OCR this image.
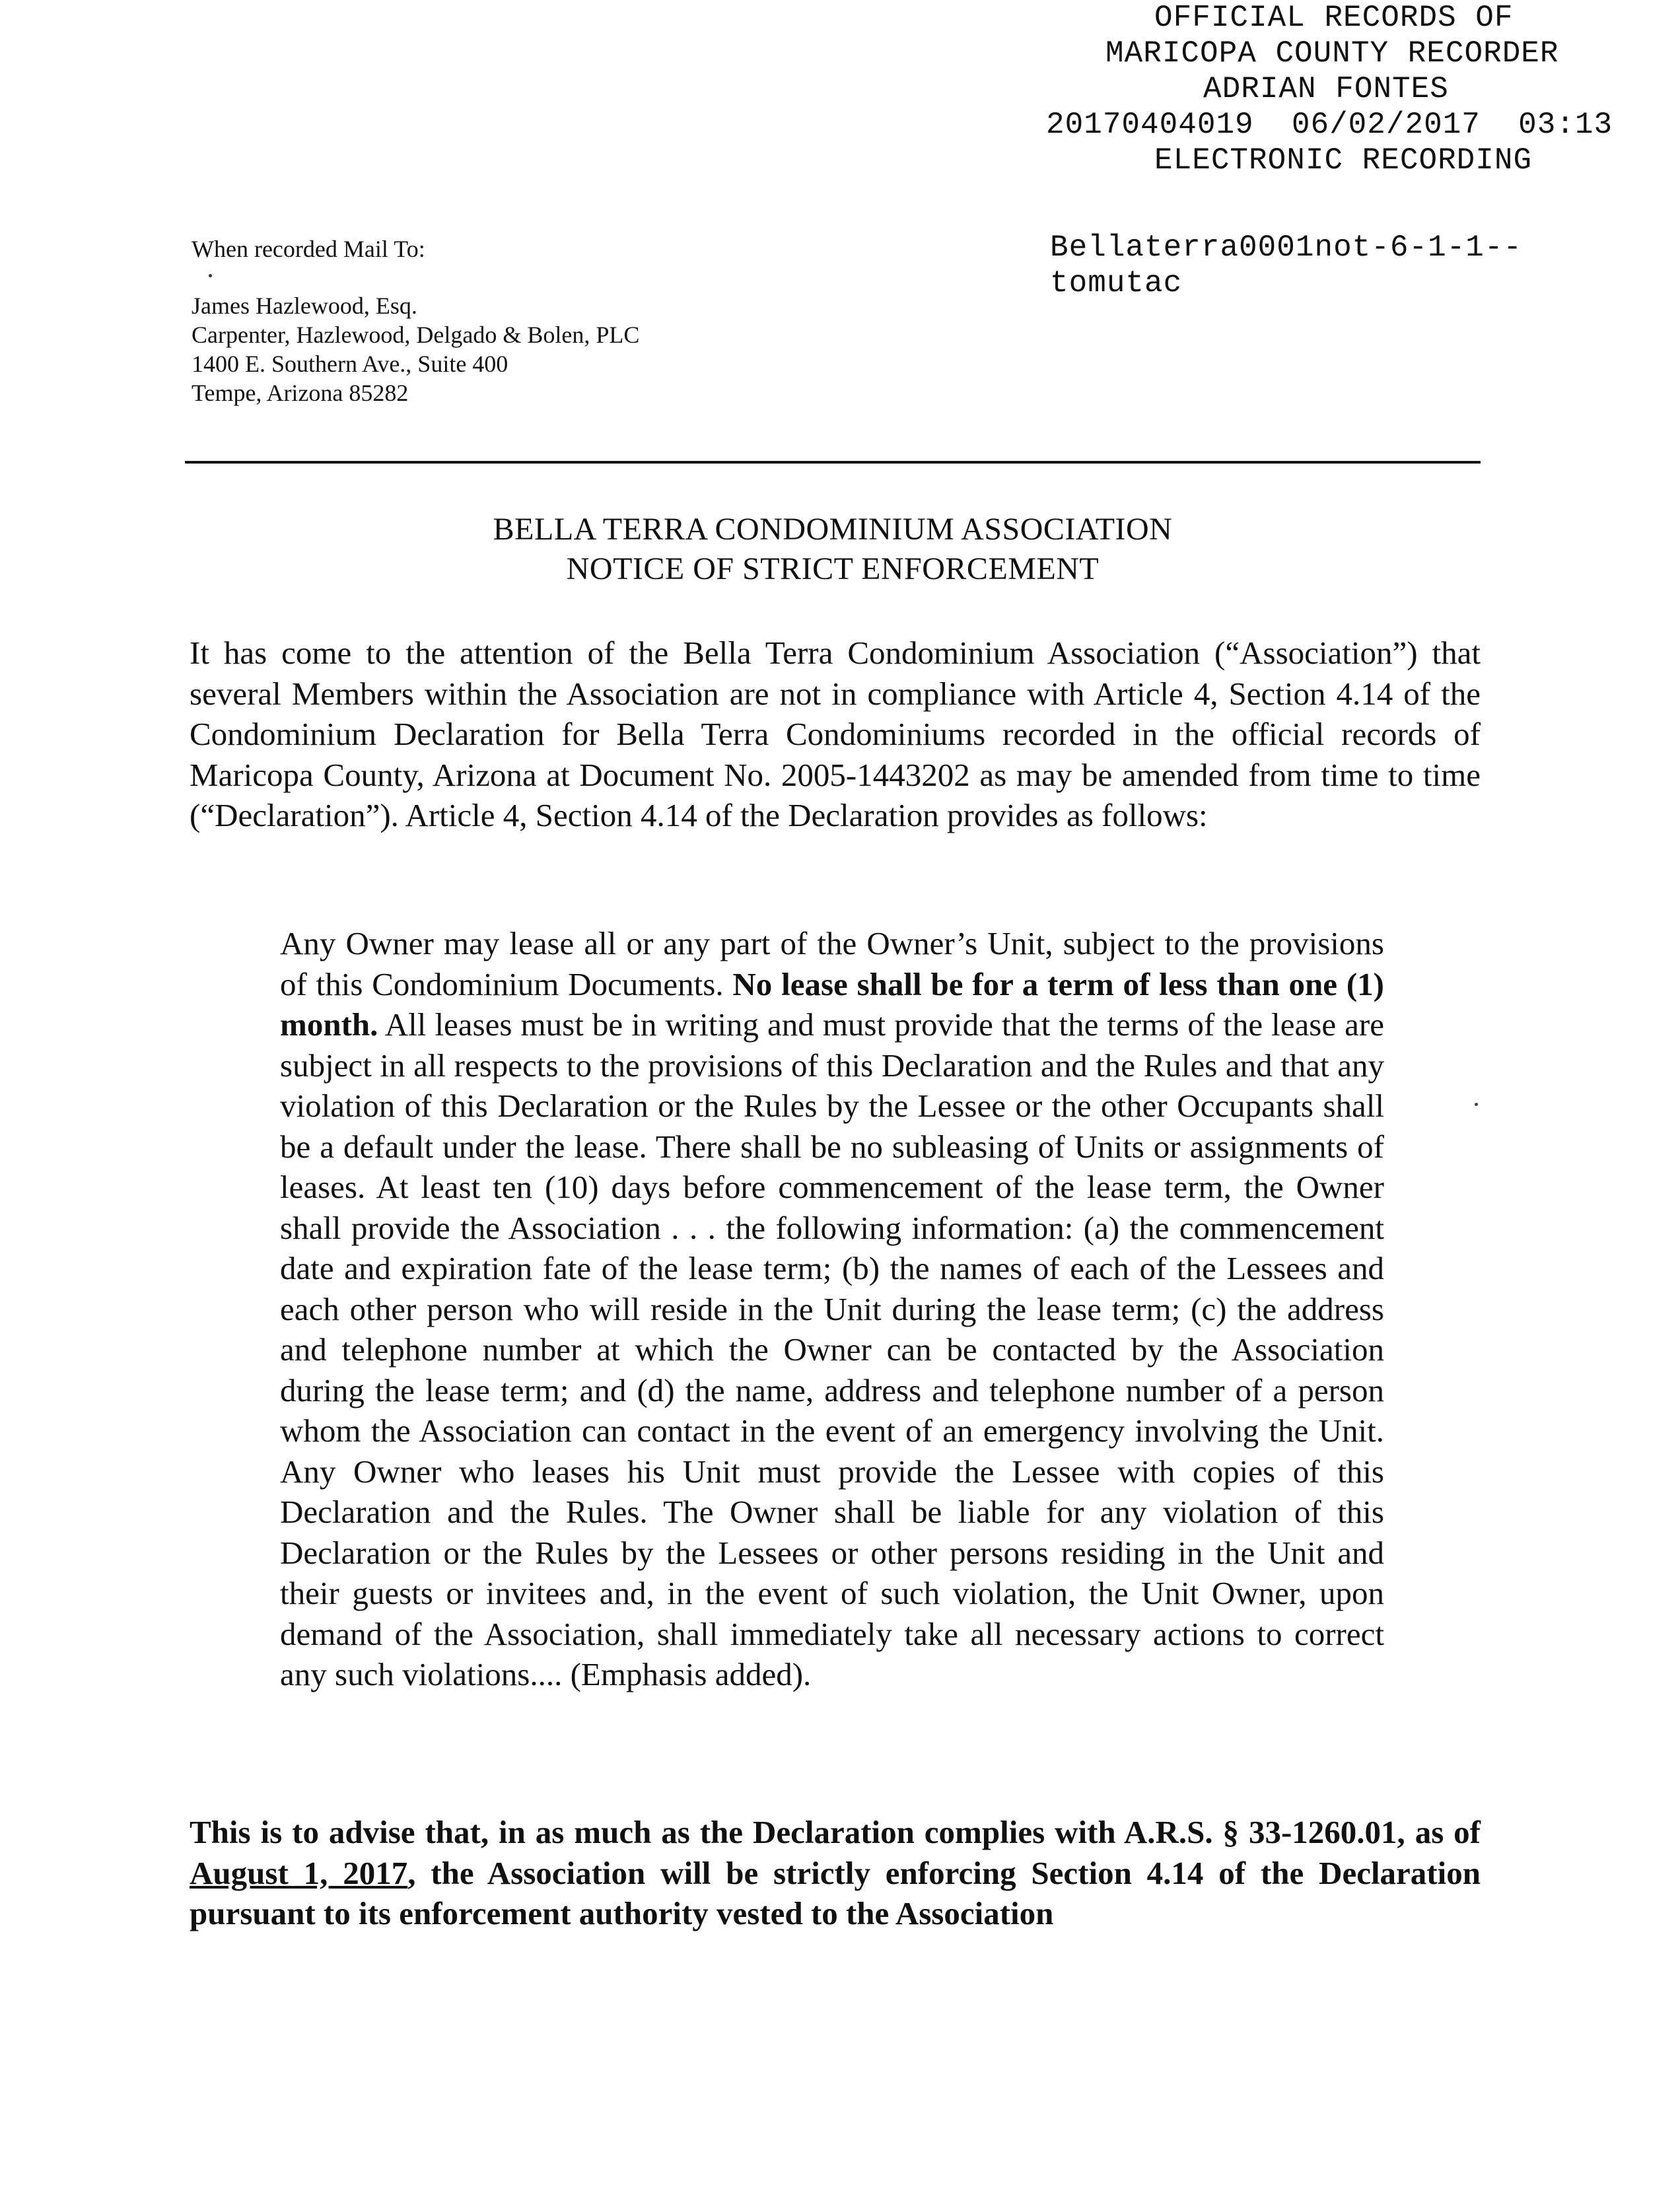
OFFICIAL RECORDS OF
MARICOPA COUNTY RECORDER
ADRIAN FONTES
20170404019  06/02/2017  03:13
ELECTRONIC RECORDING
Bellaterra0001not-6-1-1--
tomutac
When recorded Mail To:
James Hazlewood, Esq.
Carpenter, Hazlewood, Delgado & Bolen, PLC
1400 E. Southern Ave., Suite 400
Tempe, Arizona 85282
BELLA TERRA CONDOMINIUM ASSOCIATION
NOTICE OF STRICT ENFORCEMENT

It has come to the attention of the Bella Terra Condominium Association (“Association”) that several Members within the Association are not in compliance with Article 4, Section 4.14 of the Condominium Declaration for Bella Terra Condominiums recorded in the official records of Maricopa County, Arizona at Document No. 2005-1443202 as may be amended from time to time (“Declaration”). Article 4, Section 4.14 of the Declaration provides as follows:

Any Owner may lease all or any part of the Owner’s Unit, subject to the provisions of this Condominium Documents. No lease shall be for a term of less than one (1) month. All leases must be in writing and must provide that the terms of the lease are subject in all respects to the provisions of this Declaration and the Rules and that any violation of this Declaration or the Rules by the Lessee or the other Occupants shall be a default under the lease. There shall be no subleasing of Units or assignments of leases. At least ten (10) days before commencement of the lease term, the Owner shall provide the Association . . . the following information: (a) the commencement date and expiration fate of the lease term; (b) the names of each of the Lessees and each other person who will reside in the Unit during the lease term; (c) the address and telephone number at which the Owner can be contacted by the Association during the lease term; and (d) the name, address and telephone number of a person whom the Association can contact in the event of an emergency involving the Unit. Any Owner who leases his Unit must provide the Lessee with copies of this Declaration and the Rules. The Owner shall be liable for any violation of this Declaration or the Rules by the Lessees or other persons residing in the Unit and their guests or invitees and, in the event of such violation, the Unit Owner, upon demand of the Association, shall immediately take all necessary actions to correct any such violations.... (Emphasis added).

This is to advise that, in as much as the Declaration complies with A.R.S. § 33-1260.01, as of August 1, 2017, the Association will be strictly enforcing Section 4.14 of the Declaration pursuant to its enforcement authority vested to the Association
